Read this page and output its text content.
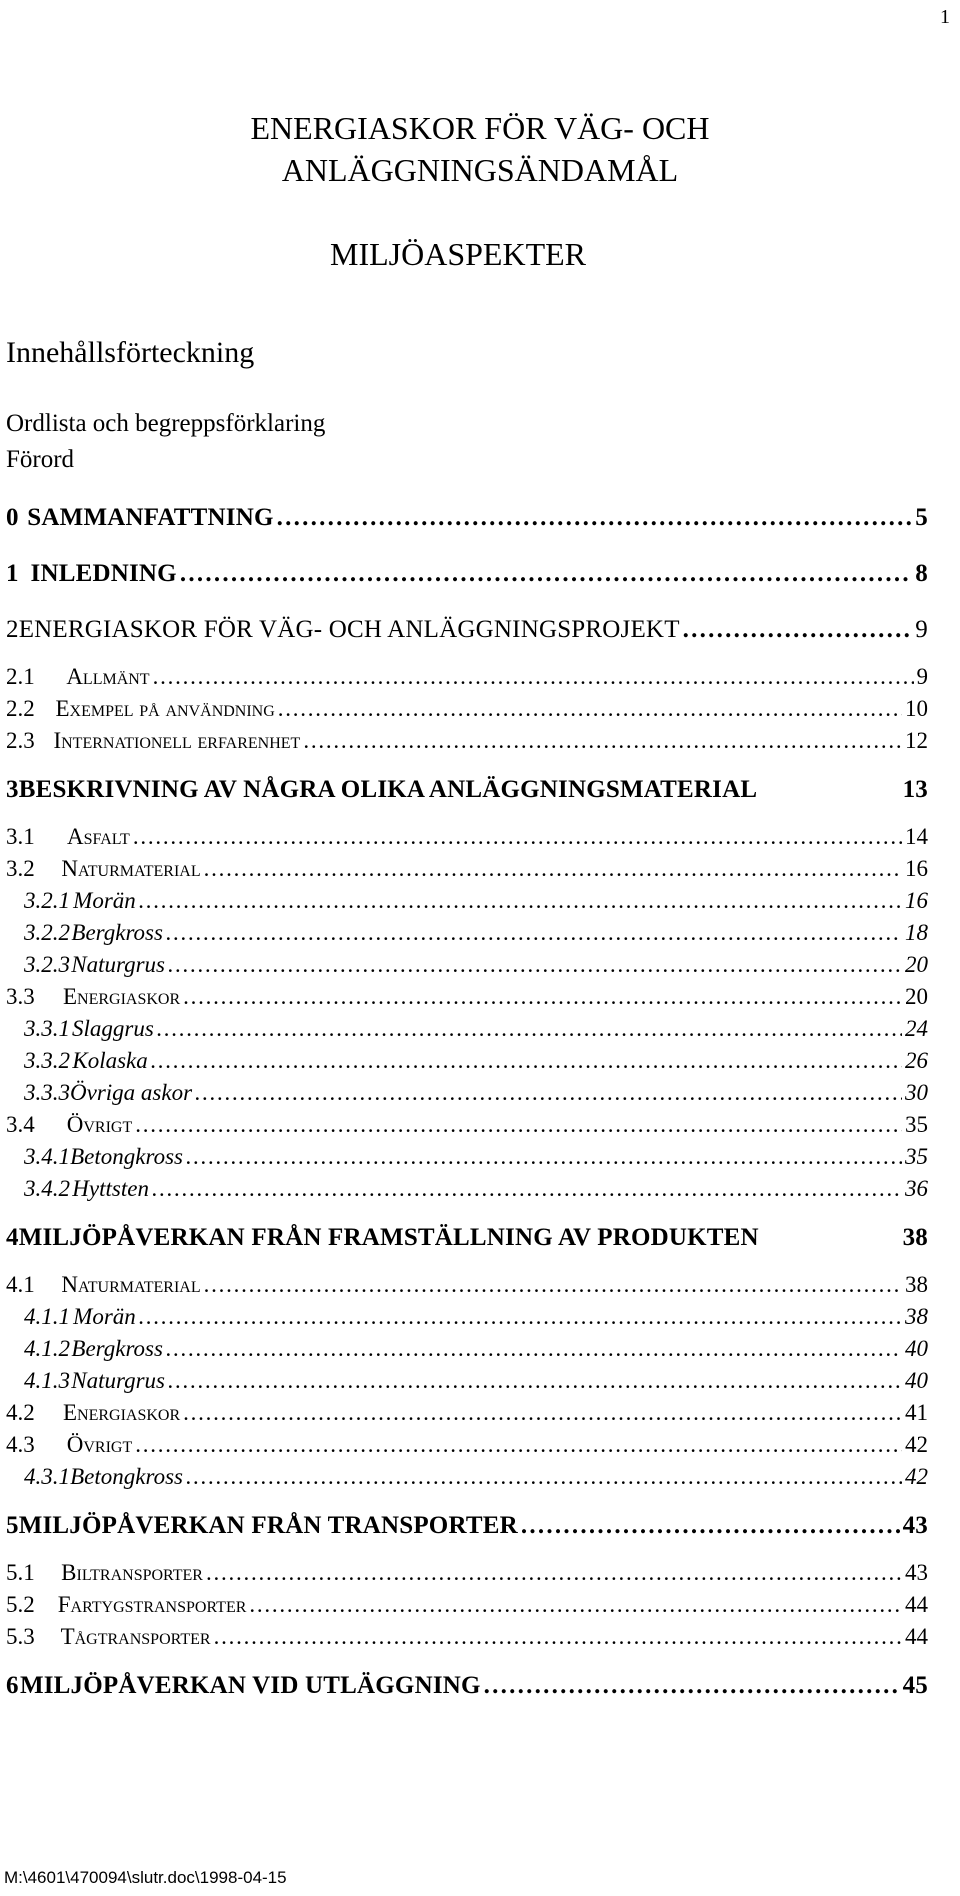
1
ENERGIASKOR FÖR VÄG- OCH
ANLÄGGNINGSÄNDAMÅL
MILJÖASPEKTER
Innehållsförteckning
Ordlista och begreppsförklaring
Förord
0 SAMMANFATTNING . . .	5
1 INLEDNING . . .	8
2 ENERGIASKOR FÖR VÄG- OCH ANLÄGGNINGSPROJEKT . . .	9
2.1	Allmänt . . .	9
2.2 Exempel på användning . . .	10
2.3 Internationell erfarenhet . . .	12
3 BESKRIVNING AV NÅGRA OLIKA ANLÄGGNINGSMATERIAL	13
3.1	Asfalt . . .	14
3.2	Naturmaterial . . .	16
3.2.1 Morän . . .	16
3.2.2 Bergkross . . .	18
3.2.3 Naturgrus . . .	20
3.3	Energiaskor . . .	20
3.3.1 Slaggrus . . .	24
3.3.2 Kolaska . . .	26
3.3.3 Övriga askor . . .	30
3.4	Övrigt . . .	35
3.4.1 Betongkross . . .	35
3.4.2 Hyttsten . . .	36
4 MILJÖPÅVERKAN FRÅN FRAMSTÄLLNING AV PRODUKTEN	38
4.1	Naturmaterial . . .	38
4.1.1 Morän . . .	38
4.1.2 Bergkross . . .	40
4.1.3 Naturgrus . . .	40
4.2	Energiaskor . . .	41
4.3	Övrigt . . .	42
4.3.1 Betongkross . . .	42
5 MILJÖPÅVERKAN FRÅN TRANSPORTER . . .	43
5.1	Biltransporter . . .	43
5.2 Fartygstransporter . . .	44
5.3	Tågtransporter . . .	44
6 MILJÖPÅVERKAN VID UTLÄGGNING . . .	45
M:\4601\470094\slutr.doc\1998-04-15
